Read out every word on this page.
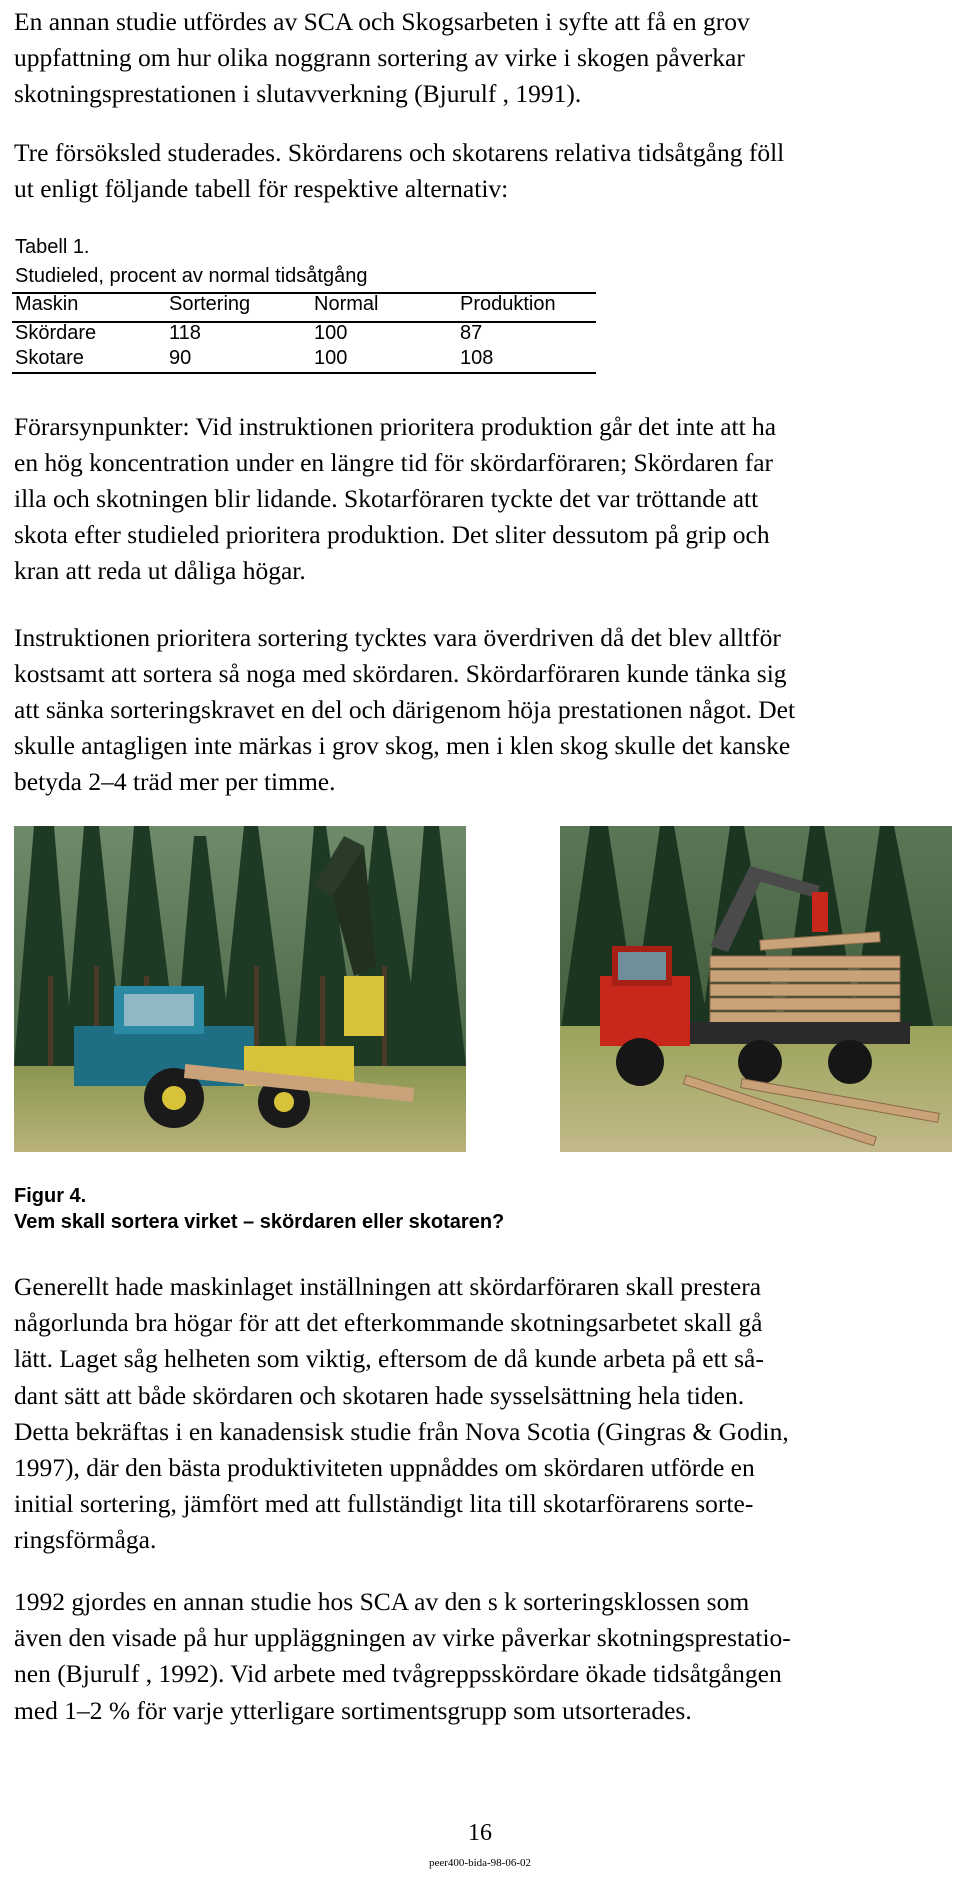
En annan studie utfördes av SCA och Skogsarbeten i syfte att få en grov
uppfattning om hur olika noggrann sortering av virke i skogen påverkar
skotningsprestationen i slutavverkning (Bjurulf , 1991).
Tre försöksled studerades. Skördarens och skotarens relativa tidsåtgång föll
ut enligt följande tabell för respektive alternativ:
Tabell 1.
Studieled, procent av normal tidsåtgång
Maskin	Sortering	Normal	Produktion
Skördare	118	100	87
Skotare	90	100	108
Förarsynpunkter: Vid instruktionen prioritera produktion går det inte att ha
en hög koncentration under en längre tid för skördarföraren; Skördaren far
illa och skotningen blir lidande. Skotarföraren tyckte det var tröttande att
skota efter studieled prioritera produktion. Det sliter dessutom på grip och
kran att reda ut dåliga högar.
Instruktionen prioritera sortering tycktes vara överdriven då det blev alltför
kostsamt att sortera så noga med skördaren. Skördarföraren kunde tänka sig
att sänka sorteringskravet en del och därigenom höja prestationen något. Det
skulle antagligen inte märkas i grov skog, men i klen skog skulle det kanske
betyda 2–4 träd mer per timme.
Figur 4.
Vem skall sortera virket – skördaren eller skotaren?
Generellt hade maskinlaget inställningen att skördarföraren skall prestera
någorlunda bra högar för att det efterkommande skotningsarbetet skall gå
lätt. Laget såg helheten som viktig, eftersom de då kunde arbeta på ett så-
dant sätt att både skördaren och skotaren hade sysselsättning hela tiden.
Detta bekräftas i en kanadensisk studie från Nova Scotia (Gingras & Godin,
1997), där den bästa produktiviteten uppnåddes om skördaren utförde en
initial sortering, jämfört med att fullständigt lita till skotarförarens sorte-
ringsförmåga.
1992 gjordes en annan studie hos SCA av den s k sorteringsklossen som
även den visade på hur uppläggningen av virke påverkar skotningsprestatio-
nen (Bjurulf , 1992). Vid arbete med tvågreppsskördare ökade tidsåtgången
med 1–2 % för varje ytterligare sortimentsgrupp som utsorterades.
16
peer400-bida-98-06-02
